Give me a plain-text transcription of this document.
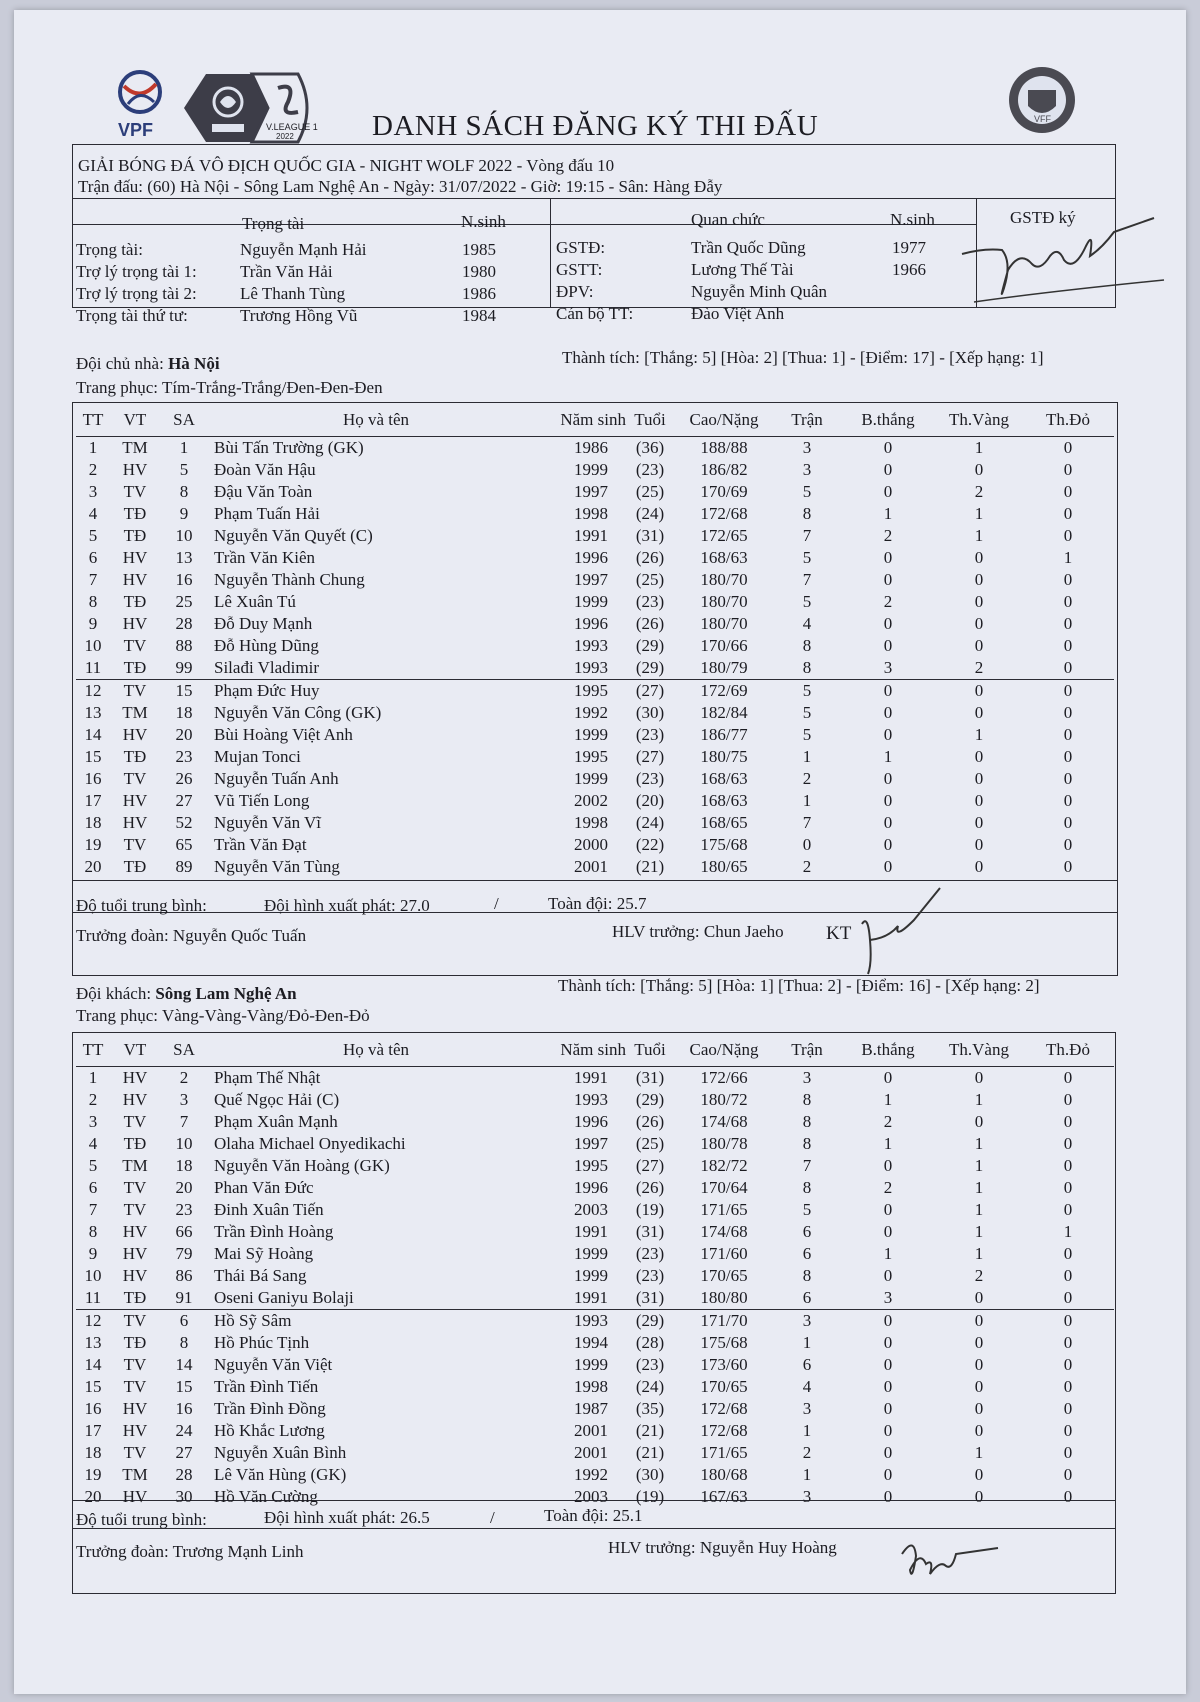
VPF	V.LEAGUE 1
2022
VFF
DANH SÁCH ĐĂNG KÝ THI ĐẤU
GIẢI BÓNG ĐÁ VÔ ĐỊCH QUỐC GIA - NIGHT WOLF 2022 - Vòng đấu 10
Trận đấu: (60) Hà Nội - Sông Lam Nghệ An - Ngày: 31/07/2022 - Giờ: 19:15 - Sân: Hàng Đẫy
Trọng tài	N.sinh	Quan chức	N.sinh	GSTĐ ký
Trọng tài:	Nguyễn Mạnh Hải	1985
Trợ lý trọng tài 1:	Trần Văn Hải	1980
Trợ lý trọng tài 2:	Lê Thanh Tùng	1986
Trọng tài thứ tư:	Trương Hồng Vũ	1984
GSTĐ:	Trần Quốc Dũng	1977
GSTT:	Lương Thế Tài	1966
ĐPV:	Nguyễn Minh Quân
Cán bộ TT:	Đào Việt Anh
Đội chủ nhà: Hà Nội	Thành tích: [Thắng: 5] [Hòa: 2] [Thua: 1] - [Điểm: 17] - [Xếp hạng: 1]
Trang phục: Tím-Trắng-Trắng/Đen-Đen-Đen
TT	VT	SA	Họ và tên	Năm sinh	Tuổi	Cao/Nặng	Trận	B.thắng	Th.Vàng	Th.Đỏ
1	TM	1	Bùi Tấn Trường (GK)	1986	(36)	188/88	3	0	1	0
2	HV	5	Đoàn Văn Hậu	1999	(23)	186/82	3	0	0	0
3	TV	8	Đậu Văn Toàn	1997	(25)	170/69	5	0	2	0
4	TĐ	9	Phạm Tuấn Hải	1998	(24)	172/68	8	1	1	0
5	TĐ	10	Nguyễn Văn Quyết (C)	1991	(31)	172/65	7	2	1	0
6	HV	13	Trần Văn Kiên	1996	(26)	168/63	5	0	0	1
7	HV	16	Nguyễn Thành Chung	1997	(25)	180/70	7	0	0	0
8	TĐ	25	Lê Xuân Tú	1999	(23)	180/70	5	2	0	0
9	HV	28	Đỗ Duy Mạnh	1996	(26)	180/70	4	0	0	0
10	TV	88	Đỗ Hùng Dũng	1993	(29)	170/66	8	0	0	0
11	TĐ	99	Silađi Vladimir	1993	(29)	180/79	8	3	2	0
12	TV	15	Phạm Đức Huy	1995	(27)	172/69	5	0	0	0
13	TM	18	Nguyễn Văn Công (GK)	1992	(30)	182/84	5	0	0	0
14	HV	20	Bùi Hoàng Việt Anh	1999	(23)	186/77	5	0	1	0
15	TĐ	23	Mujan Tonci	1995	(27)	180/75	1	1	0	0
16	TV	26	Nguyễn Tuấn Anh	1999	(23)	168/63	2	0	0	0
17	HV	27	Vũ Tiến Long	2002	(20)	168/63	1	0	0	0
18	HV	52	Nguyễn Văn Vĩ	1998	(24)	168/65	7	0	0	0
19	TV	65	Trần Văn Đạt	2000	(22)	175/68	0	0	0	0
20	TĐ	89	Nguyễn Văn Tùng	2001	(21)	180/65	2	0	0	0
Độ tuổi trung bình:	Đội hình xuất phát: 27.0	/	Toàn đội: 25.7
Trưởng đoàn: Nguyễn Quốc Tuấn	HLV trưởng: Chun Jaeho KT
Đội khách: Sông Lam Nghệ An	Thành tích: [Thắng: 5] [Hòa: 1] [Thua: 2] - [Điểm: 16] - [Xếp hạng: 2]
Trang phục: Vàng-Vàng-Vàng/Đỏ-Đen-Đỏ
TT	VT	SA	Họ và tên	Năm sinh	Tuổi	Cao/Nặng	Trận	B.thắng	Th.Vàng	Th.Đỏ
1	HV	2	Phạm Thế Nhật	1991	(31)	172/66	3	0	0	0
2	HV	3	Quế Ngọc Hải (C)	1993	(29)	180/72	8	1	1	0
3	TV	7	Phạm Xuân Mạnh	1996	(26)	174/68	8	2	0	0
4	TĐ	10	Olaha Michael Onyedikachi	1997	(25)	180/78	8	1	1	0
5	TM	18	Nguyễn Văn Hoàng (GK)	1995	(27)	182/72	7	0	1	0
6	TV	20	Phan Văn Đức	1996	(26)	170/64	8	2	1	0
7	TV	23	Đinh Xuân Tiến	2003	(19)	171/65	5	0	1	0
8	HV	66	Trần Đình Hoàng	1991	(31)	174/68	6	0	1	1
9	HV	79	Mai Sỹ Hoàng	1999	(23)	171/60	6	1	1	0
10	HV	86	Thái Bá Sang	1999	(23)	170/65	8	0	2	0
11	TĐ	91	Oseni Ganiyu Bolaji	1991	(31)	180/80	6	3	0	0
12	TV	6	Hồ Sỹ Sâm	1993	(29)	171/70	3	0	0	0
13	TĐ	8	Hồ Phúc Tịnh	1994	(28)	175/68	1	0	0	0
14	TV	14	Nguyễn Văn Việt	1999	(23)	173/60	6	0	0	0
15	TV	15	Trần Đình Tiến	1998	(24)	170/65	4	0	0	0
16	HV	16	Trần Đình Đồng	1987	(35)	172/68	3	0	0	0
17	HV	24	Hồ Khắc Lương	2001	(21)	172/68	1	0	0	0
18	TV	27	Nguyễn Xuân Bình	2001	(21)	171/65	2	0	1	0
19	TM	28	Lê Văn Hùng (GK)	1992	(30)	180/68	1	0	0	0
20	HV	30	Hồ Văn Cường	2003	(19)	167/63	3	0	0	0
Độ tuổi trung bình:	Đội hình xuất phát: 26.5	/	Toàn đội: 25.1
Trưởng đoàn: Trương Mạnh Linh	HLV trưởng: Nguyễn Huy Hoàng
